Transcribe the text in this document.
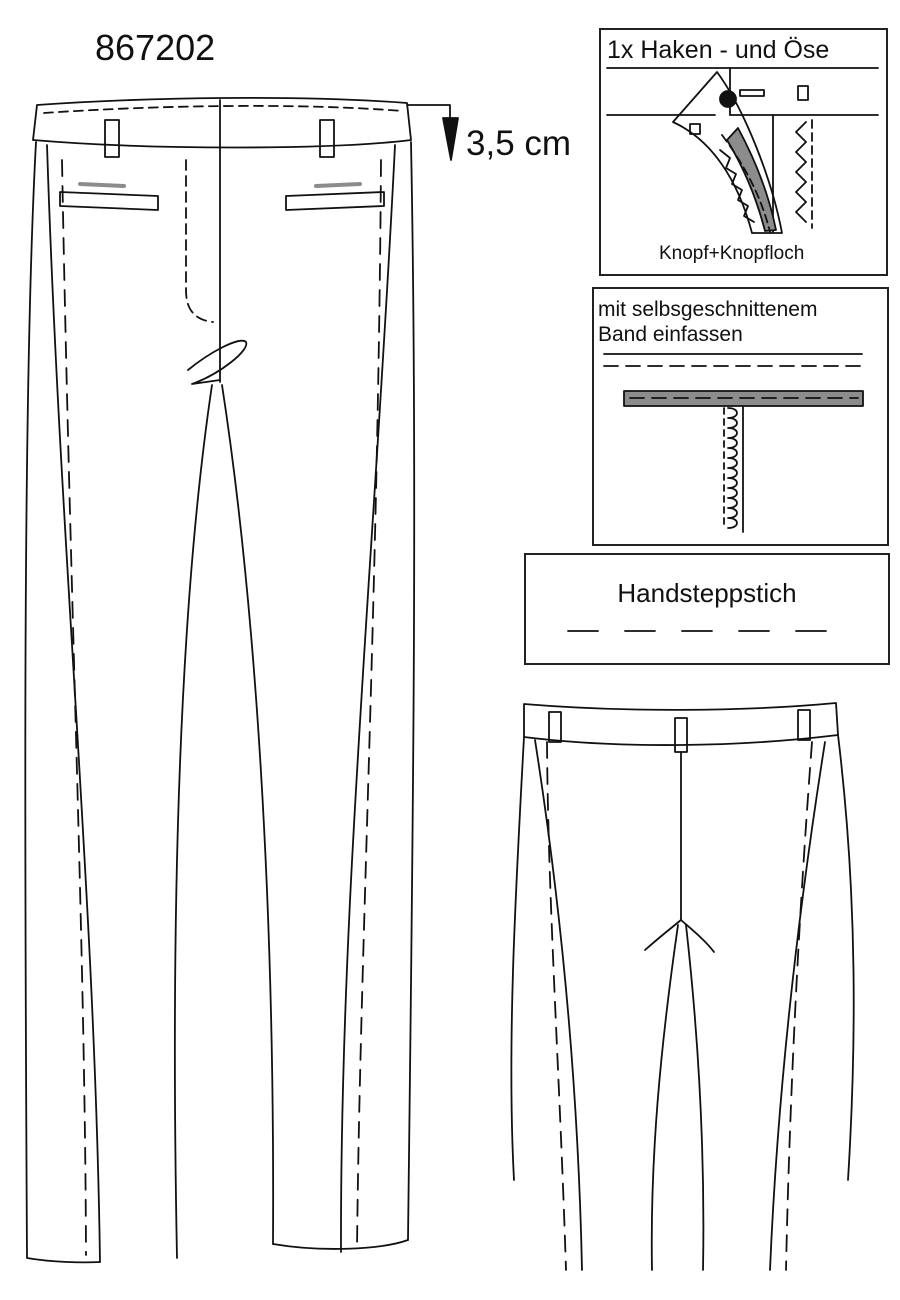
867202
3,5 cm
1x Haken - und Öse
Knopf+Knopfloch
mit selbsgeschnittenem
Band einfassen
Handsteppstich
